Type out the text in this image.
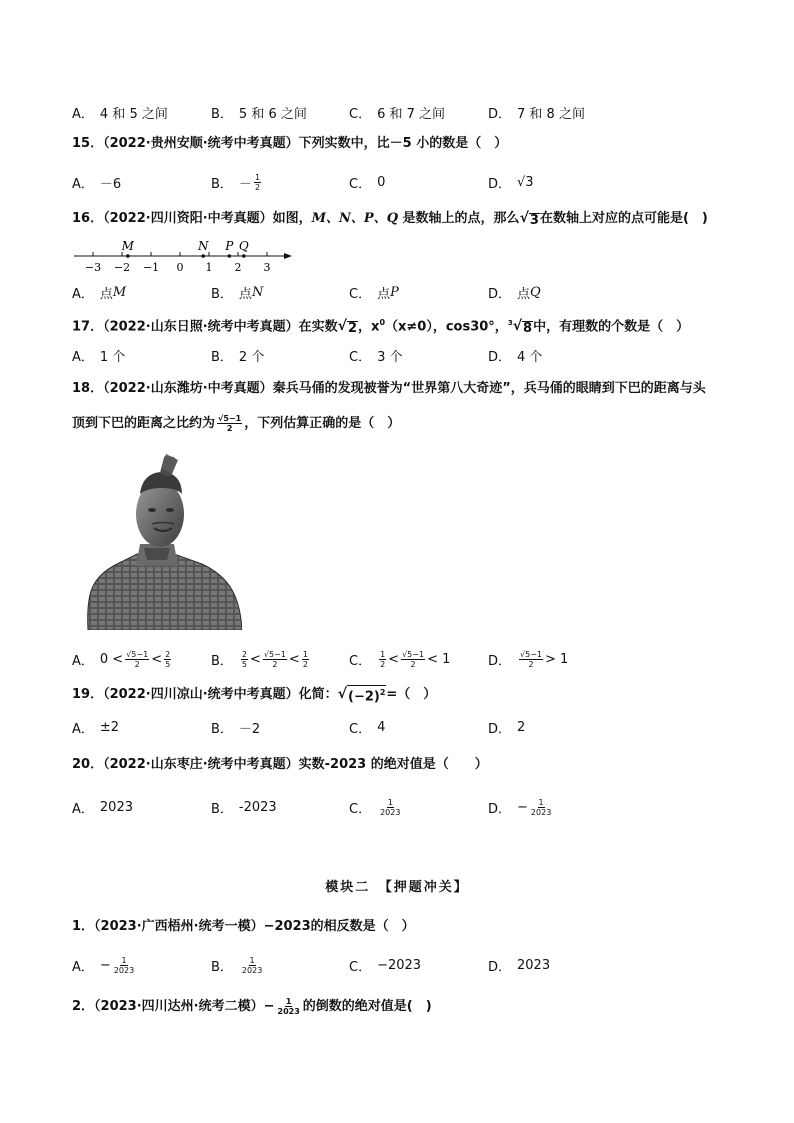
A． 4 和 5 之间	B． 5 和 6 之间	C． 6 和 7 之间	D． 7 和 8 之间
15．（2022·贵州安顺·统考中考真题）下列实数中，比－5 小的数是（　）
A． －6	B． － $\frac{1}{2}$	C． 0	D． √3
16．（2022·四川资阳·中考真题）如图，M、N、P、Q 是数轴上的点，那么 √ 3 在数轴上对应的点可能是(　)
−3 −2 −1 0 1 2 3
M	N P Q
A． 点 M	B． 点 N	C． 点 P	D． 点 Q
17．（2022·山东日照·统考中考真题）在实数 √ 2 ，$x^0(x\ne 0)$，cos30°，$^3$ √ 8 中，有理数的个数是（　）
A． 1 个	B． 2 个	C． 3 个	D． 4 个
18．（2022·山东潍坊·中考真题）秦兵马俑的发现被誉为“世界第八大奇迹”，兵马俑的眼睛到下巴的距离与头
顶到下巴的距离之比约为 $\frac{√5-1}{2}$ ，下列估算正确的是（　）
A． $0 < \frac{√5-1}{2} < \frac{2}{5}$	B． $\frac{2}{5} < \frac{√5-1}{2} < \frac{1}{2}$	C． $\frac{1}{2} < \frac{√5-1}{2} < 1$	D． $\frac{√5-1}{2} > 1$
19．（2022·四川凉山·统考中考真题）化简： √ $(-2)^2$ =（　）
A． ±2	B． －2	C． 4	D． 2
20．（2022·山东枣庄·统考中考真题）实数-2023 的绝对值是（　　）
A． 2023	B． -2023	C． $\frac{1}{2023}$	D． − $\frac{1}{2023}$
模块二　【押题冲关】
1．（2023·广西梧州·统考一模）−2023的相反数是（　）
A． − $\frac{1}{2023}$	B． $\frac{1}{2023}$	C． −2023	D． 2023
2．（2023·四川达州·统考二模）− $\frac{1}{2023}$ 的倒数的绝对值是(　)
